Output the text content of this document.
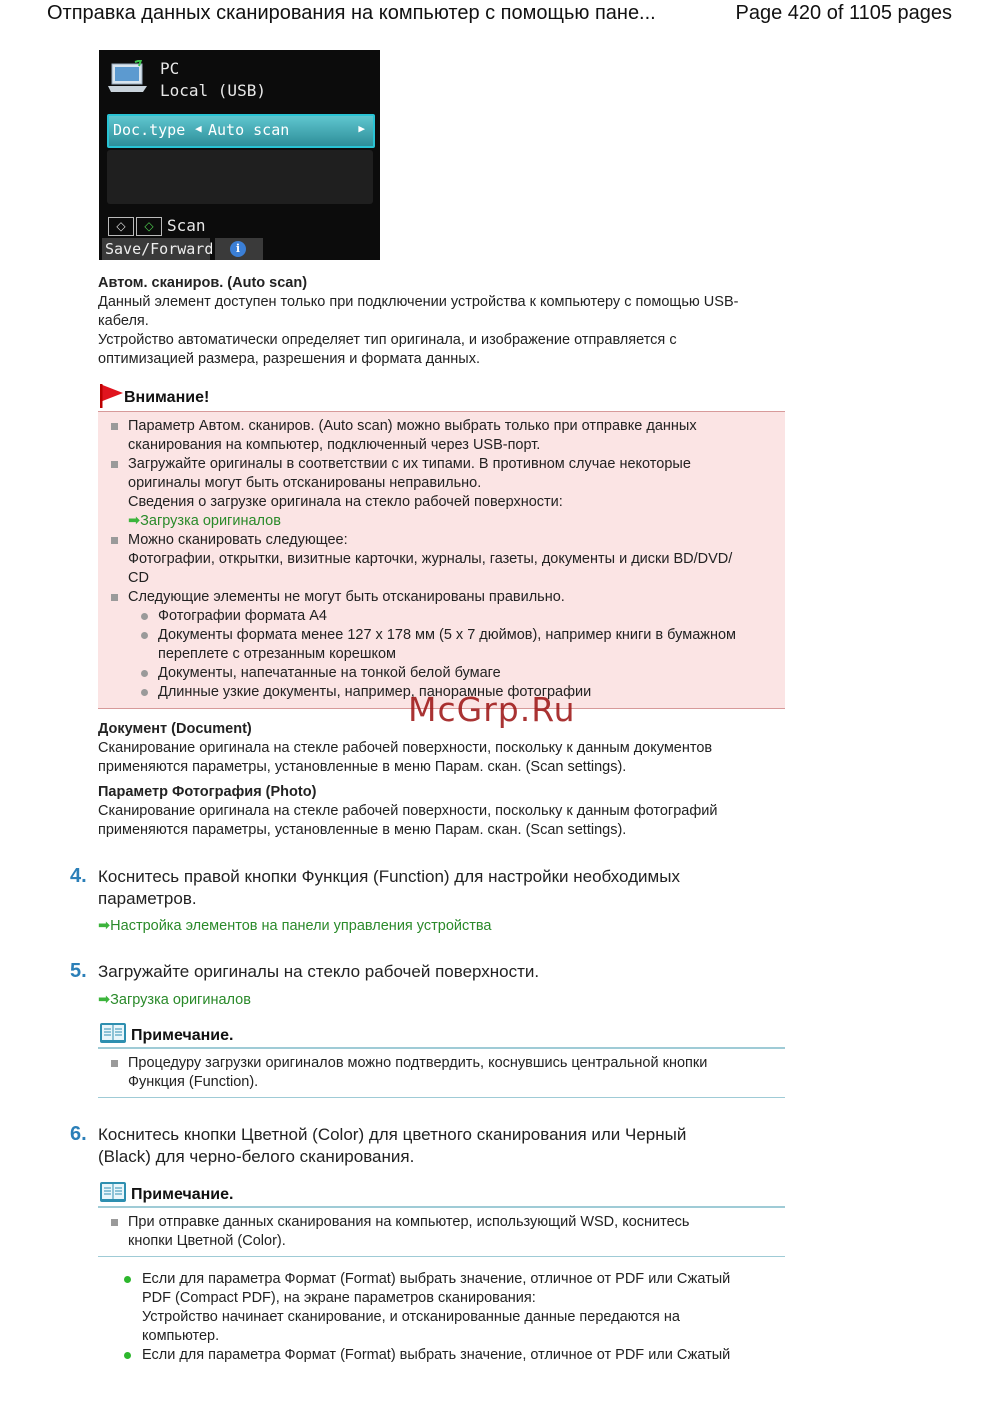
Отправка данных сканирования на компьютер с помощью пане...	Page 420 of 1105 pages
PC
Local (USB)
Doc.type ◀ Auto scan	▶
◇	◇ Scan
Save/Forward	i
Автом. сканиров. (Auto scan)
Данный элемент доступен только при подключении устройства к компьютеру с помощью USB-
кабеля.
Устройство автоматически определяет тип оригинала, и изображение отправляется с
оптимизацией размера, разрешения и формата данных.
Внимание!
Параметр Автом. сканиров. (Auto scan) можно выбрать только при отправке данных
сканирования на компьютер, подключенный через USB-порт.
Загружайте оригиналы в соответствии с их типами. В противном случае некоторые
оригиналы могут быть отсканированы неправильно.
Сведения о загрузке оригинала на стекло рабочей поверхности:
➡Загрузка оригиналов
Можно сканировать следующее:
Фотографии, открытки, визитные карточки, журналы, газеты, документы и диски BD/DVD/
CD
Следующие элементы не могут быть отсканированы правильно.
Фотографии формата A4
Документы формата менее 127 x 178 мм (5 x 7 дюймов), например книги в бумажном
переплете с отрезанным корешком
Документы, напечатанные на тонкой белой бумаге
Длинные узкие документы, например, панорамные фотографии
Документ (Document)
Сканирование оригинала на стекле рабочей поверхности, поскольку к данным документов
применяются параметры, установленные в меню Парам. скан. (Scan settings).
Параметр Фотография (Photo)
Сканирование оригинала на стекле рабочей поверхности, поскольку к данным фотографий
применяются параметры, установленные в меню Парам. скан. (Scan settings).
4. Коснитесь правой кнопки Функция (Function) для настройки необходимых
параметров.
➡Настройка элементов на панели управления устройства
5. Загружайте оригиналы на стекло рабочей поверхности.
➡Загрузка оригиналов
Примечание.
Процедуру загрузки оригиналов можно подтвердить, коснувшись центральной кнопки
Функция (Function).
6. Коснитесь кнопки Цветной (Color) для цветного сканирования или Черный
(Black) для черно-белого сканирования.
Примечание.
При отправке данных сканирования на компьютер, использующий WSD, коснитесь
кнопки Цветной (Color).
Если для параметра Формат (Format) выбрать значение, отличное от PDF или Сжатый
PDF (Compact PDF), на экране параметров сканирования:
Устройство начинает сканирование, и отсканированные данные передаются на
компьютер.
Если для параметра Формат (Format) выбрать значение, отличное от PDF или Сжатый
McGrp.Ru
